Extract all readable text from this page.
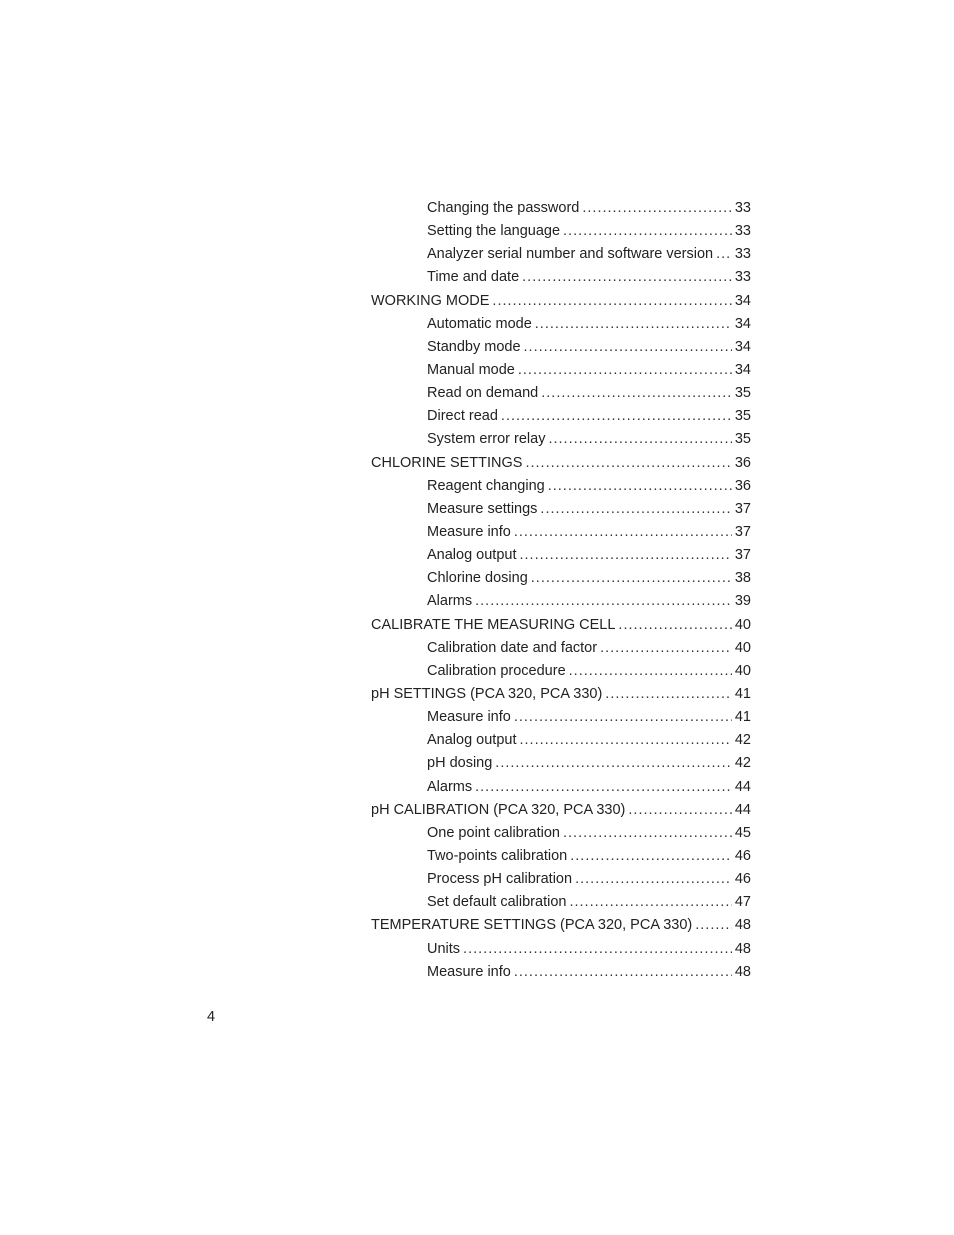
Changing the password .....	33
Setting the language .....	33
Analyzer serial number and software version ..... 33
Time and date .....	33
WORKING MODE .....	34
Automatic mode .....	34
Standby mode .....	34
Manual mode .....	34
Read on demand .....	35
Direct read .....	35
System error relay .....	35
CHLORINE SETTINGS .....	36
Reagent changing .....	36
Measure settings .....	37
Measure info .....	37
Analog output .....	37
Chlorine dosing .....	38
Alarms .....	39
CALIBRATE THE MEASURING CELL .....	40
Calibration date and factor .....	40
Calibration procedure .....	40
pH SETTINGS (PCA 320, PCA 330) .....	41
Measure info .....	41
Analog output .....	42
pH dosing .....	42
Alarms .....	44
pH CALIBRATION (PCA 320, PCA 330) .....	44
One point calibration .....	45
Two-points calibration .....	46
Process pH calibration .....	46
Set default calibration .....	47
TEMPERATURE SETTINGS (PCA 320, PCA 330) .....	48
Units .....	48
Measure info .....	48
4
